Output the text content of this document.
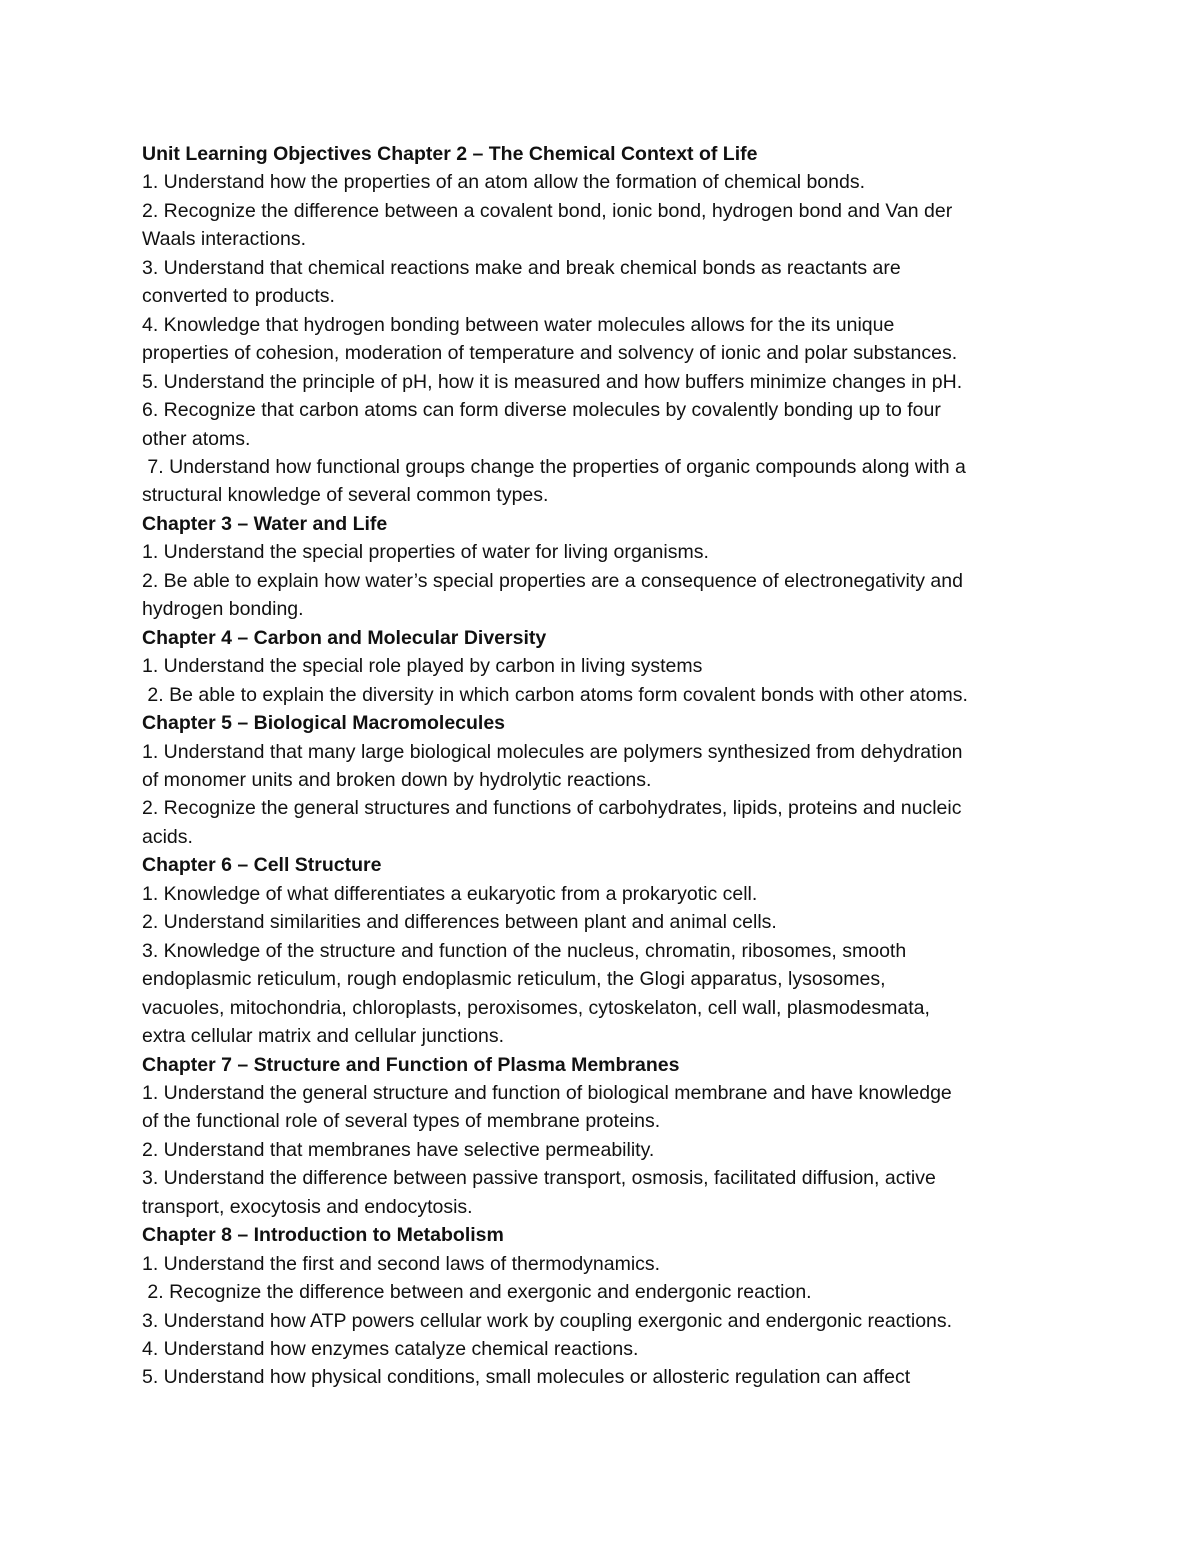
Unit Learning Objectives Chapter 2 – The Chemical Context of Life

1. Understand how the properties of an atom allow the formation of chemical bonds.

2. Recognize the difference between a covalent bond, ionic bond, hydrogen bond and Van der

Waals interactions.

3. Understand that chemical reactions make and break chemical bonds as reactants are

converted to products.

4. Knowledge that hydrogen bonding between water molecules allows for the its unique

properties of cohesion, moderation of temperature and solvency of ionic and polar substances.

5. Understand the principle of pH, how it is measured and how buffers minimize changes in pH.

6. Recognize that carbon atoms can form diverse molecules by covalently bonding up to four

other atoms.

7. Understand how functional groups change the properties of organic compounds along with a

structural knowledge of several common types.

Chapter 3 – Water and Life

1. Understand the special properties of water for living organisms.

2. Be able to explain how water’s special properties are a consequence of electronegativity and

hydrogen bonding.

Chapter 4 – Carbon and Molecular Diversity

1. Understand the special role played by carbon in living systems

2. Be able to explain the diversity in which carbon atoms form covalent bonds with other atoms.

Chapter 5 – Biological Macromolecules

1. Understand that many large biological molecules are polymers synthesized from dehydration

of monomer units and broken down by hydrolytic reactions.

2. Recognize the general structures and functions of carbohydrates, lipids, proteins and nucleic

acids.

Chapter 6 – Cell Structure

1. Knowledge of what differentiates a eukaryotic from a prokaryotic cell.

2. Understand similarities and differences between plant and animal cells.

3. Knowledge of the structure and function of the nucleus, chromatin, ribosomes, smooth

endoplasmic reticulum, rough endoplasmic reticulum, the Glogi apparatus, lysosomes,

vacuoles, mitochondria, chloroplasts, peroxisomes, cytoskelaton, cell wall, plasmodesmata,

extra cellular matrix and cellular junctions.

Chapter 7 – Structure and Function of Plasma Membranes

1. Understand the general structure and function of biological membrane and have knowledge

of the functional role of several types of membrane proteins.

2. Understand that membranes have selective permeability.

3. Understand the difference between passive transport, osmosis, facilitated diffusion, active

transport, exocytosis and endocytosis.

Chapter 8 – Introduction to Metabolism

1. Understand the first and second laws of thermodynamics.

2. Recognize the difference between and exergonic and endergonic reaction.

3. Understand how ATP powers cellular work by coupling exergonic and endergonic reactions.

4. Understand how enzymes catalyze chemical reactions.

5. Understand how physical conditions, small molecules or allosteric regulation can affect
